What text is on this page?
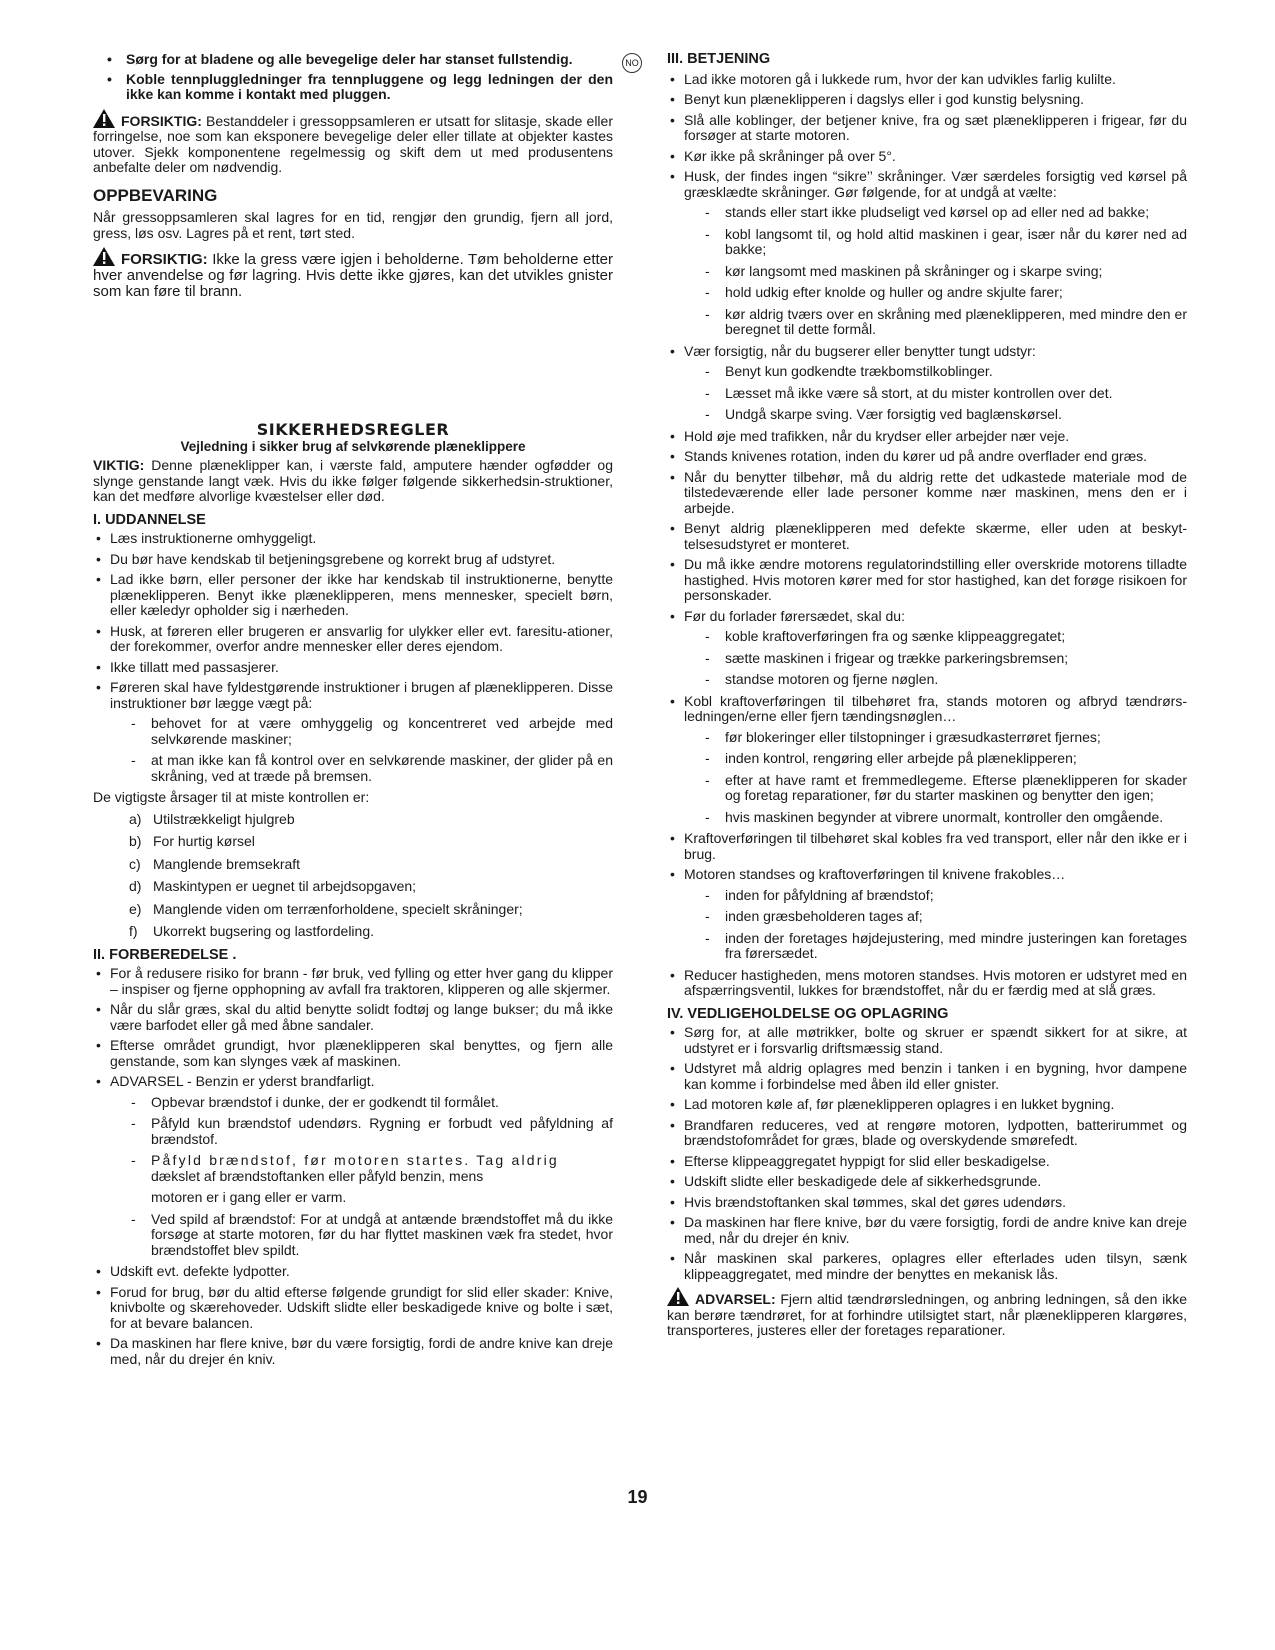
• Sørg for at bladene og alle bevegelige deler har stanset fullstendig.
• Koble tennpluggledninger fra tennpluggene og legg ledningen der den ikke kan komme i kontakt med pluggen.

FORSIKTIG: Bestanddeler i gressoppsamleren er utsatt for slitasje, skade eller forringelse, noe som kan eksponere bevegelige deler eller tillate at objekter kastes utover. Sjekk komponentene regelmessig og skift dem ut med produsentens anbefalte deler om nødvendig.

OPPBEVARING

Når gressoppsamleren skal lagres for en tid, rengjør den grundig, fjern all jord, gress, løs osv. Lagres på et rent, tørt sted.

FORSIKTIG: Ikke la gress være igjen i beholderne. Tøm beholderne etter hver anvendelse og før lagring. Hvis dette ikke gjøres, kan det utvikles gnister som kan føre til brann.

SIKKERHEDSREGLER
Vejledning i sikker brug af selvkørende plæneklippere

VIKTIG: Denne plæneklipper kan, i værste fald, amputere hænder ogfødder og slynge genstande langt væk. Hvis du ikke følger følgende sikkerhedsin-struktioner, kan det medføre alvorlige kvæstelser eller død.

I. UDDANNELSE
• Læs instruktionerne omhyggeligt.
• Du bør have kendskab til betjeningsgrebene og korrekt brug af udstyret.
• Lad ikke børn, eller personer der ikke har kendskab til instruktionerne, benytte plæneklipperen. Benyt ikke plæneklipperen, mens mennesker, specielt børn, eller kæledyr opholder sig i nærheden.
• Husk, at føreren eller brugeren er ansvarlig for ulykker eller evt. faresitu-ationer, der forekommer, overfor andre mennesker eller deres ejendom.
• Ikke tillatt med passasjerer.
• Føreren skal have fyldestgørende instruktioner i brugen af plæneklipperen. Disse instruktioner bør lægge vægt på:
- behovet for at være omhyggelig og koncentreret ved arbejde med selvkørende maskiner;
- at man ikke kan få kontrol over en selvkørende maskiner, der glider på en skråning, ved at træde på bremsen.

De vigtigste årsager til at miste kontrollen er:

a) Utilstrækkeligt hjulgreb
b) For hurtig kørsel
c) Manglende bremsekraft
d) Maskintypen er uegnet til arbejdsopgaven;
e) Manglende viden om terrænforholdene, specielt skråninger;
f) Ukorrekt bugsering og lastfordeling.
II. FORBEREDELSE .
• For å redusere risiko for brann - før bruk, ved fylling og etter hver gang du klipper – inspiser og fjerne opphopning av avfall fra traktoren, klipperen og alle skjermer.
• Når du slår græs, skal du altid benytte solidt fodtøj og lange bukser; du må ikke være barfodet eller gå med åbne sandaler.
• Efterse området grundigt, hvor plæneklipperen skal benyttes, og fjern alle genstande, som kan slynges væk af maskinen.
• ADVARSEL - Benzin er yderst brandfarligt.
- Opbevar brændstof i dunke, der er godkendt til formålet.
- Påfyld kun brændstof udendørs. Rygning er forbudt ved påfyldning af brændstof.
- Påfyld brændstof, før motoren startes. Tag aldrig
dækslet af brændstoftanken eller påfyld benzin, mens

motoren er i gang eller er varm.

- Ved spild af brændstof: For at undgå at antænde brændstoffet må du ikke forsøge at starte motoren, før du har flyttet maskinen væk fra stedet, hvor brændstoffet blev spildt.
• Udskift evt. defekte lydpotter.
• Forud for brug, bør du altid efterse følgende grundigt for slid eller skader: Knive, knivbolte og skærehoveder. Udskift slidte eller beskadigede knive og bolte i sæt, for at bevare balancen.
• Da maskinen har flere knive, bør du være forsigtig, fordi de andre knive kan dreje med, når du drejer én kniv.
NO III. BETJENING
• Lad ikke motoren gå i lukkede rum, hvor der kan udvikles farlig kulilte.
• Benyt kun plæneklipperen i dagslys eller i god kunstig belysning.
• Slå alle koblinger, der betjener knive, fra og sæt plæneklipperen i frigear, før du forsøger at starte motoren.
• Kør ikke på skråninger på over 5°.
• Husk, der findes ingen “sikre’’ skråninger. Vær særdeles forsigtig ved kørsel på græsklædte skråninger. Gør følgende, for at undgå at vælte:
- stands eller start ikke pludseligt ved kørsel op ad eller ned ad bakke;
- kobl langsomt til, og hold altid maskinen i gear, især når du kører ned ad bakke;
- kør langsomt med maskinen på skråninger og i skarpe sving;
- hold udkig efter knolde og huller og andre skjulte farer;
- kør aldrig tværs over en skråning med plæneklipperen, med mindre den er beregnet til dette formål.
• Vær forsigtig, når du bugserer eller benytter tungt udstyr:
- Benyt kun godkendte trækbomstilkoblinger.
- Læsset må ikke være så stort, at du mister kontrollen over det.
- Undgå skarpe sving. Vær forsigtig ved baglænskørsel.
• Hold øje med trafikken, når du krydser eller arbejder nær veje.
• Stands knivenes rotation, inden du kører ud på andre overflader end græs.
• Når du benytter tilbehør, må du aldrig rette det udkastede materiale mod de tilstedeværende eller lade personer komme nær maskinen, mens den er i arbejde.
• Benyt aldrig plæneklipperen med defekte skærme, eller uden at beskyt-telsesudstyret er monteret.
• Du må ikke ændre motorens regulatorindstilling eller overskride motorens tilladte hastighed. Hvis motoren kører med for stor hastighed, kan det forøge risikoen for personskader.
• Før du forlader førersædet, skal du:
- koble kraftoverføringen fra og sænke klippeaggregatet;
- sætte maskinen i frigear og trække parkeringsbremsen;
- standse motoren og fjerne nøglen.
• Kobl kraftoverføringen til tilbehøret fra, stands motoren og afbryd tændrørs-ledningen/erne eller fjern tændingsnøglen…
- før blokeringer eller tilstopninger i græsudkasterrøret fjernes;
- inden kontrol, rengøring eller arbejde på plæneklipperen;
- efter at have ramt et fremmedlegeme. Efterse plæneklipperen for skader og foretag reparationer, før du starter maskinen og benytter den igen;
- hvis maskinen begynder at vibrere unormalt, kontroller den omgående.
• Kraftoverføringen til tilbehøret skal kobles fra ved transport, eller når den ikke er i brug.
• Motoren standses og kraftoverføringen til knivene frakobles…
- inden for påfyldning af brændstof;
- inden græsbeholderen tages af;
- inden der foretages højdejustering, med mindre justeringen kan foretages fra førersædet.
• Reducer hastigheden, mens motoren standses. Hvis motoren er udstyret med en afspærringsventil, lukkes for brændstoffet, når du er færdig med at slå græs.
IV. VEDLIGEHOLDELSE OG OPLAGRING
• Sørg for, at alle møtrikker, bolte og skruer er spændt sikkert for at sikre, at udstyret er i forsvarlig driftsmæssig stand.
• Udstyret må aldrig oplagres med benzin i tanken i en bygning, hvor dampene kan komme i forbindelse med åben ild eller gnister.
• Lad motoren køle af, før plæneklipperen oplagres i en lukket bygning.
• Brandfaren reduceres, ved at rengøre motoren, lydpotten, batterirummet og brændstofområdet for græs, blade og overskydende smørefedt.
• Efterse klippeaggregatet hyppigt for slid eller beskadigelse.
• Udskift slidte eller beskadigede dele af sikkerhedsgrunde.
• Hvis brændstoftanken skal tømmes, skal det gøres udendørs.
• Da maskinen har flere knive, bør du være forsigtig, fordi de andre knive kan dreje med, når du drejer én kniv.
• Når maskinen skal parkeres, oplagres eller efterlades uden tilsyn, sænk klippeaggregatet, med mindre der benyttes en mekanisk lås.

ADVARSEL: Fjern altid tændrørsledningen, og anbring ledningen, så den ikke kan berøre tændrøret, for at forhindre utilsigtet start, når plæneklipperen klargøres, transporteres, justeres eller der foretages reparationer.

19
